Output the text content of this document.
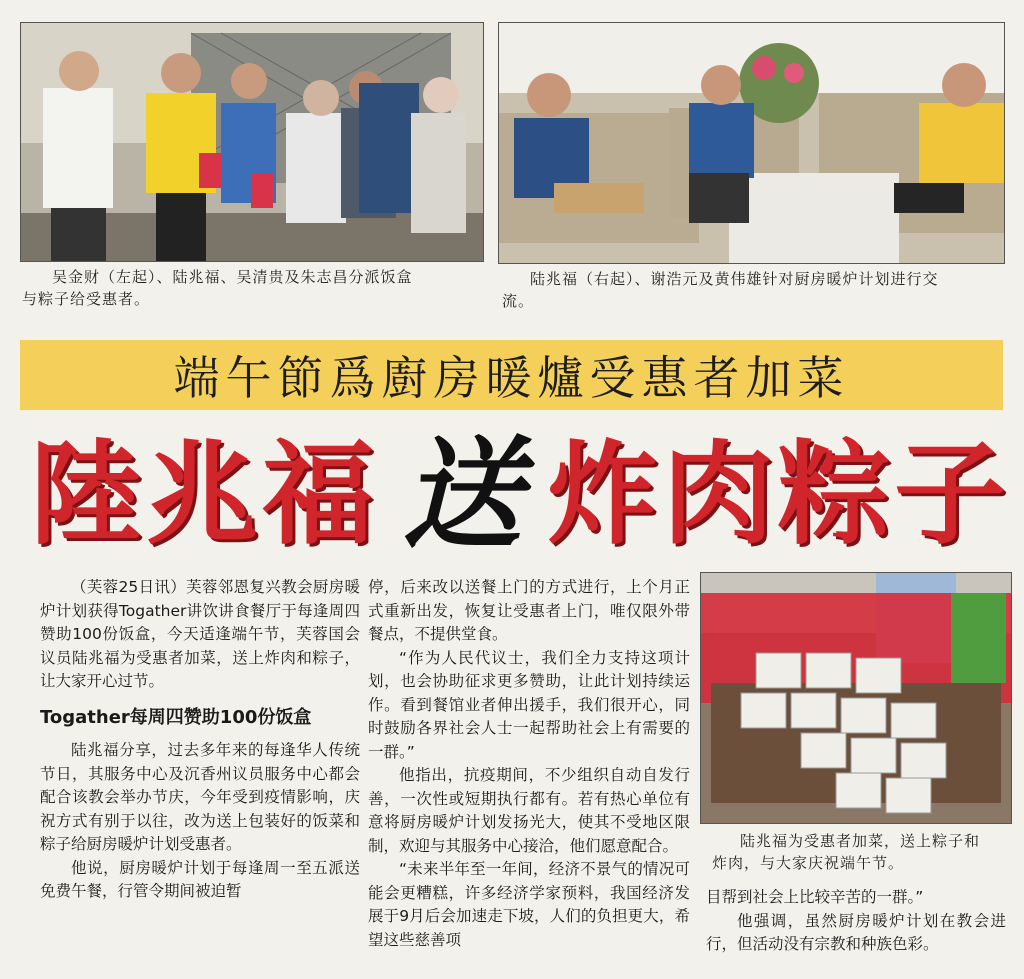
吴金财（左起）、陆兆福、吴清贵及朱志昌分派饭盒
与粽子给受惠者。
陆兆福（右起）、谢浩元及黄伟雄针对厨房暖炉计划进行交
流。
端午節爲廚房暖爐受惠者加菜
陸兆福 送 炸肉粽子

（芙蓉25日讯）芙蓉邻恩复兴教会厨房暖炉计划获得Togather讲饮讲食餐厅于每逢周四赞助100份饭盒，今天适逢端午节，芙蓉国会议员陆兆福为受惠者加菜，送上炸肉和粽子，让大家开心过节。

Togather每周四赞助100份饭盒

陆兆福分享，过去多年来的每逢华人传统节日，其服务中心及沉香州议员服务中心都会配合该教会举办节庆，今年受到疫情影响，庆祝方式有别于以往，改为送上包装好的饭菜和粽子给厨房暖炉计划受惠者。

他说，厨房暖炉计划于每逢周一至五派送免费午餐，行管令期间被迫暂

停，后来改以送餐上门的方式进行，上个月正式重新出发，恢复让受惠者上门，唯仅限外带餐点，不提供堂食。

“作为人民代议士，我们全力支持这项计划，也会协助征求更多赞助，让此计划持续运作。看到餐馆业者伸出援手，我们很开心，同时鼓励各界社会人士一起帮助社会上有需要的一群。”

他指出，抗疫期间，不少组织自动自发行善，一次性或短期执行都有。若有热心单位有意将厨房暖炉计划发扬光大，使其不受地区限制，欢迎与其服务中心接洽，他们愿意配合。

“未来半年至一年间，经济不景气的情况可能会更糟糕，许多经济学家预料，我国经济发展于9月后会加速走下坡，人们的负担更大，希望这些慈善项

陆兆福为受惠者加菜，送上粽子和
炸肉，与大家庆祝端午节。

目帮到社会上比较辛苦的一群。”

他强调，虽然厨房暖炉计划在教会进行，但活动没有宗教和种族色彩。
